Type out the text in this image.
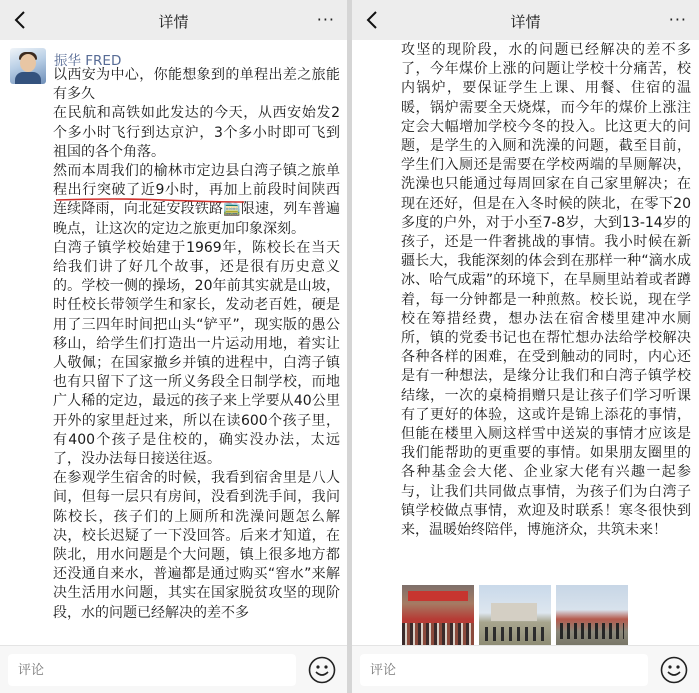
详情	···
振华 FRED

以西安为中心，你能想象到的单程出差之旅能有多久

在民航和高铁如此发达的今天，从西安始发2个多小时飞行到达京沪，3个多小时即可飞到祖国的各个角落。

然而本周我们的榆林市定边县白湾子镇之旅单程出行突破了近9小时，再加上前段时间陕西连续降雨，向北延安段铁路🚞限速，列车普遍晚点，让这次的定边之旅更加印象深刻。

白湾子镇学校始建于1969年，陈校长在当天给我们讲了好几个故事，还是很有历史意义的。学校一侧的操场，20年前其实就是山坡，时任校长带领学生和家长，发动老百姓，硬是用了三四年时间把山头“铲平”，现实版的愚公移山，给学生们打造出一片运动用地，着实让人敬佩；在国家撤乡并镇的进程中，白湾子镇也有只留下了这一所义务段全日制学校，而地广人稀的定边，最远的孩子来上学要从40公里开外的家里赶过来，所以在读600个孩子里，有400个孩子是住校的，确实没办法，太远了，没办法每日接送往返。

在参观学生宿舍的时候，我看到宿舍里是八人间，但每一层只有房间，没看到洗手间，我问陈校长，孩子们的上厕所和洗澡问题怎么解决，校长迟疑了一下没回答。后来才知道，在陕北，用水问题是个大问题，镇上很多地方都还没通自来水，普遍都是通过购买“窖水”来解决生活用水问题，其实在国家脱贫攻坚的现阶段，水的问题已经解决的差不多

评论
详情	···

攻坚的现阶段，水的问题已经解决的差不多了，今年煤价上涨的问题让学校十分痛苦，校内锅炉，要保证学生上课、用餐、住宿的温暖，锅炉需要全天烧煤，而今年的煤价上涨注定会大幅增加学校今冬的投入。比这更大的问题，是学生的入厕和洗澡的问题，截至目前，学生们入厕还是需要在学校两端的旱厕解决，洗澡也只能通过每周回家在自己家里解决；在现在还好，但是在入冬时候的陕北，在零下20多度的户外，对于小至7-8岁，大到13-14岁的孩子，还是一件奢挑战的事情。我小时候在新疆长大，我能深刻的体会到在那样一种“滴水成冰、哈气成霜”的环境下，在旱厕里站着或者蹲着，每一分钟都是一种煎熬。校长说，现在学校在筹措经费，想办法在宿舍楼里建冲水厕所，镇的党委书记也在帮忙想办法给学校解决各种各样的困难，在受到触动的同时，内心还是有一种想法，是缘分让我们和白湾子镇学校结缘，一次的桌椅捐赠只是让孩子们学习听课有了更好的体验，这或许是锦上添花的事情，但能在楼里入厕这样雪中送炭的事情才应该是我们能帮助的更重要的事情。如果朋友圈里的各种基金会大佬、企业家大佬有兴趣一起参与，让我们共同做点事情，为孩子们为白湾子镇学校做点事情，欢迎及时联系！寒冬很快到来，温暖始终陪伴，博施济众，共筑未来！

评论
